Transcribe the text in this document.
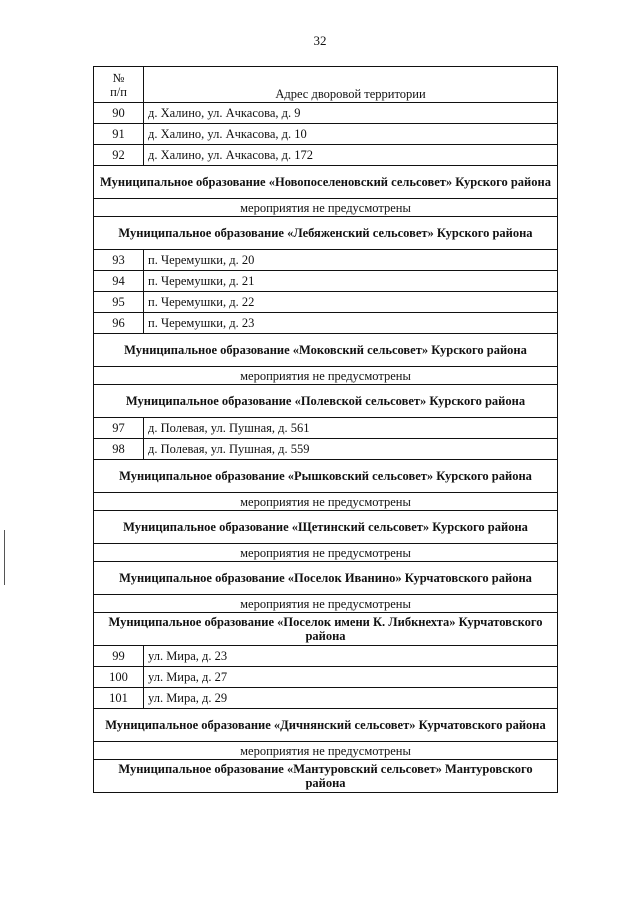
32
№
п/п	Адрес дворовой территории
90	д. Халино, ул. Ачкасова, д. 9
91	д. Халино, ул. Ачкасова, д. 10
92	д. Халино, ул. Ачкасова, д. 172
Муниципальное образование «Новопоселеновский сельсовет» Курского района	
мероприятия не предусмотрены	
Муниципальное образование «Лебяженский сельсовет» Курского района	
93	п. Черемушки, д. 20
94	п. Черемушки, д. 21
95	п. Черемушки, д. 22
96	п. Черемушки, д. 23
Муниципальное образование «Моковский сельсовет» Курского района	
мероприятия не предусмотрены	
Муниципальное образование «Полевской сельсовет» Курского района	
97	д. Полевая, ул. Пушная, д. 561
98	д. Полевая, ул. Пушная, д. 559
Муниципальное образование «Рышковский сельсовет» Курского района	
мероприятия не предусмотрены	
Муниципальное образование «Щетинский сельсовет» Курского района	
мероприятия не предусмотрены	
Муниципальное образование «Поселок Иванино» Курчатовского района	
мероприятия не предусмотрены	
Муниципальное образование «Поселок имени К. Либкнехта» Курчатовского района	
99	ул. Мира, д. 23
100	ул. Мира, д. 27
101	ул. Мира, д. 29
Муниципальное образование «Дичнянский сельсовет» Курчатовского района	
мероприятия не предусмотрены	
Муниципальное образование «Мантуровский сельсовет» Мантуровского района	
